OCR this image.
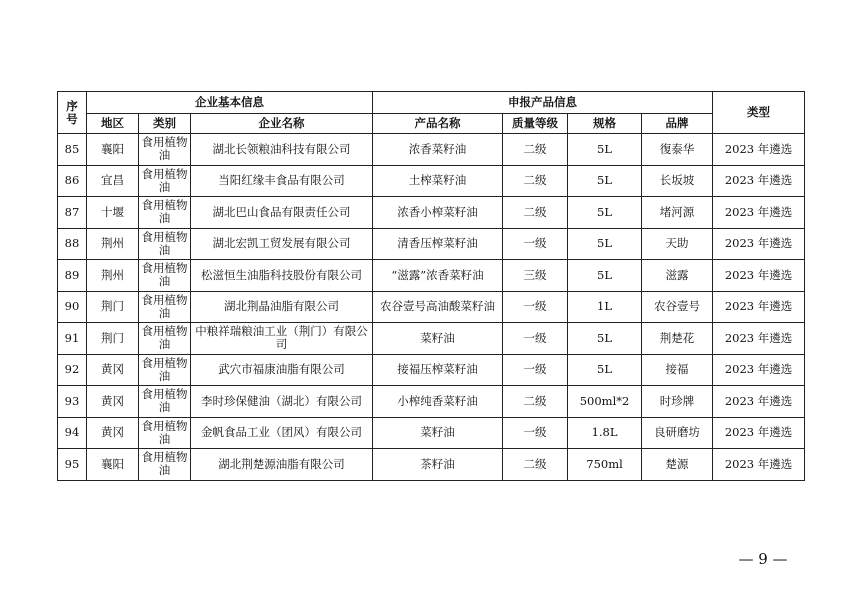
序号	企业基本信息			申报产品信息				类型
	地区	类别	企业名称	产品名称	质量等级	规格	品牌	
85	襄阳	食用植物油	湖北长领粮油科技有限公司	浓香菜籽油	二级	5L	復泰华	2023 年遴选
86	宜昌	食用植物油	当阳红缘丰食品有限公司	土榨菜籽油	二级	5L	长坂坡	2023 年遴选
87	十堰	食用植物油	湖北巴山食品有限责任公司	浓香小榨菜籽油	二级	5L	堵河源	2023 年遴选
88	荆州	食用植物油	湖北宏凯工贸发展有限公司	清香压榨菜籽油	一级	5L	天助	2023 年遴选
89	荆州	食用植物油	松滋恒生油脂科技股份有限公司	“滋露”浓香菜籽油	三级	5L	滋露	2023 年遴选
90	荆门	食用植物油	湖北荆晶油脂有限公司	农谷壹号高油酸菜籽油	一级	1L	农谷壹号	2023 年遴选
91	荆门	食用植物油	中粮祥瑞粮油工业（荆门）有限公司	菜籽油	一级	5L	荆楚花	2023 年遴选
92	黄冈	食用植物油	武穴市福康油脂有限公司	接福压榨菜籽油	一级	5L	接福	2023 年遴选
93	黄冈	食用植物油	李时珍保健油（湖北）有限公司	小榨纯香菜籽油	二级	500ml*2	时珍牌	2023 年遴选
94	黄冈	食用植物油	金帆食品工业（团风）有限公司	菜籽油	一级	1.8L	良研磨坊	2023 年遴选
95	襄阳	食用植物油	湖北荆楚源油脂有限公司	茶籽油	二级	750ml	楚源	2023 年遴选
— 9 —
